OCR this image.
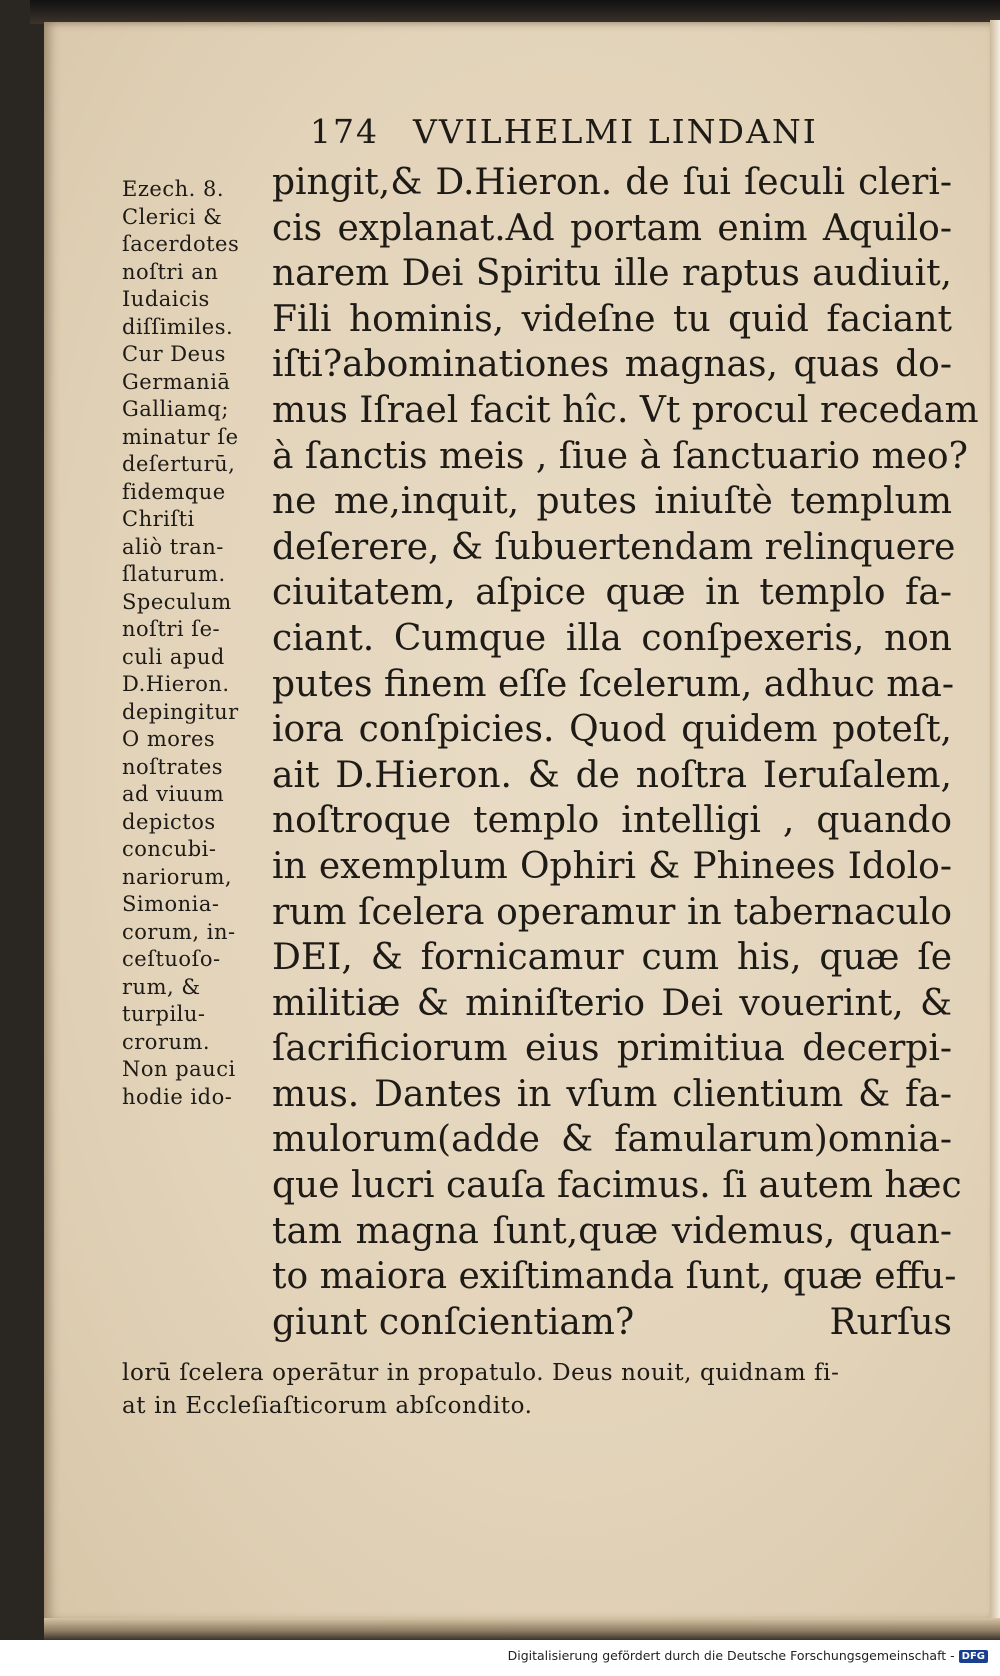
174 VVILHELMI LINDANI
pingit,& D.Hieron. de ſui ſeculi cleri-
cis explanat.Ad portam enim Aquilo-
narem Dei Spiritu ille raptus audiuit,
Fili hominis, videſne tu quid faciant
iſti?abominationes magnas, quas do-
mus Iſrael facit hîc. Vt procul recedam
à ſanctis meis , ſiue à ſanctuario meo?
ne me,inquit, putes iniuſtè templum
deſerere, & ſubuertendam relinquere
ciuitatem, aſpice quæ in templo fa-
ciant. Cumque illa conſpexeris, non
putes finem eſſe ſcelerum, adhuc ma-
iora conſpicies. Quod quidem poteſt,
ait D.Hieron. & de noſtra Ieruſalem,
noſtroque templo intelligi , quando
in exemplum Ophiri & Phinees Idolo-
rum ſcelera operamur in tabernaculo
DEI, & fornicamur cum his, quæ ſe
militiæ & miniſterio Dei vouerint, &
ſacrificiorum eius primitiua decerpi-
mus. Dantes in vſum clientium & fa-
mulorum(adde & famularum)omnia-
que lucri cauſa facimus. ſi autem hæc
tam magna ſunt,quæ videmus, quan-
to maiora exiſtimanda ſunt, quæ effu-
giunt conſcientiam?	Rurſus
Ezech. 8.
Clerici &
ſacerdotes
noſtri an
Iudaicis
diſſimiles.
Cur Deus
Germaniā
Galliamq;
minatur ſe
deſerturū,
fidemque
Chriſti
aliò tran-
ſlaturum.
Speculum
noſtri ſe-
culi apud
D.Hieron.
depingitur
O mores
noſtrates
ad viuum
depictos
concubi-
nariorum,
Simonia-
corum, in-
ceſtuoſo-
rum, &
turpilu-
crorum.
Non pauci
hodie ido-
lorū ſcelera operātur in propatulo. Deus nouit, quidnam fi-
at in Eccleſiaſticorum abſcondito.
Digitalisierung gefördert durch die Deutsche Forschungsgemeinschaft - DFG
